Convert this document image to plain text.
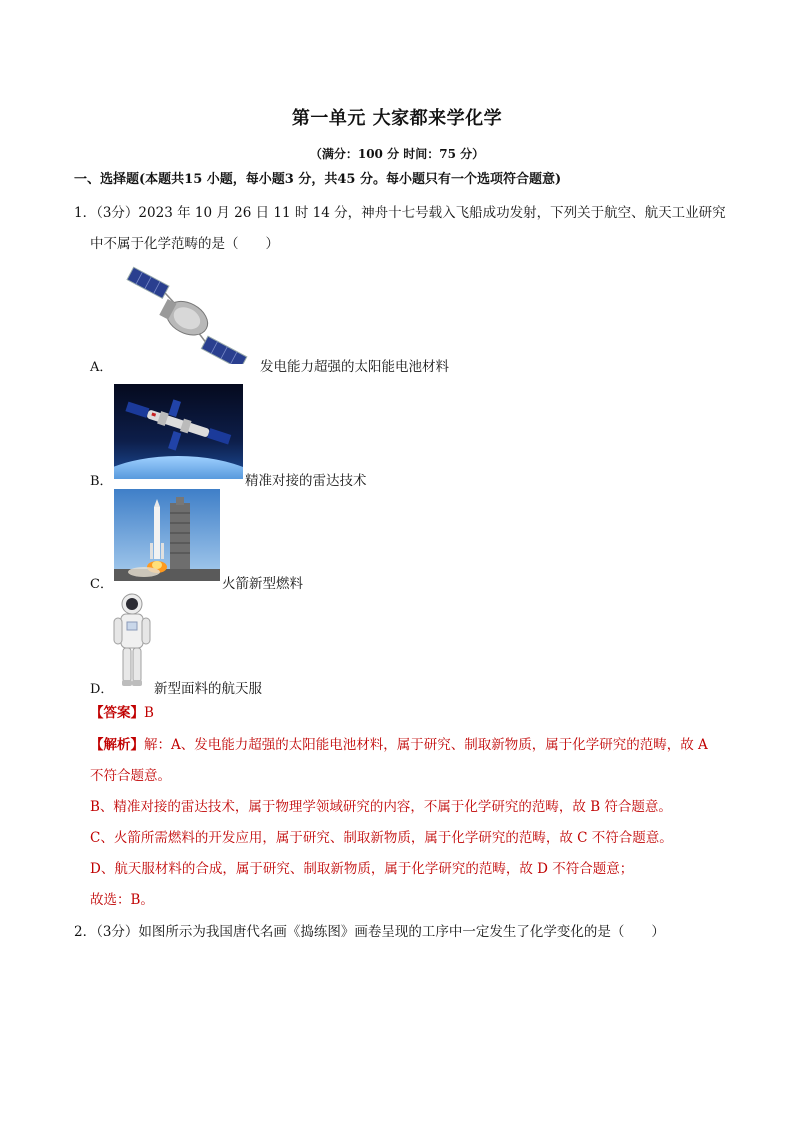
第一单元 大家都来学化学
（满分：100 分 时间：75 分）
一、选择题(本题共15 小题，每小题3 分，共45 分。每小题只有一个选项符合题意)
1．（3分）2023 年 10 月 26 日 11 时 14 分，神舟十七号载入飞船成功发射，下列关于航空、航天工业研究
中不属于化学范畴的是（　　）
A．	发电能力超强的太阳能电池材料
B．	精准对接的雷达技术
C．	火箭新型燃料
D．	新型面料的航天服
【答案】B
【解析】解：A、发电能力超强的太阳能电池材料，属于研究、制取新物质，属于化学研究的范畴，故 A
不符合题意。
B、精准对接的雷达技术，属于物理学领域研究的内容，不属于化学研究的范畴，故 B 符合题意。
C、火箭所需燃料的开发应用，属于研究、制取新物质，属于化学研究的范畴，故 C 不符合题意。
D、航天服材料的合成，属于研究、制取新物质，属于化学研究的范畴，故 D 不符合题意；
故选：B。
2．（3分）如图所示为我国唐代名画《捣练图》画卷呈现的工序中一定发生了化学变化的是（　　）
